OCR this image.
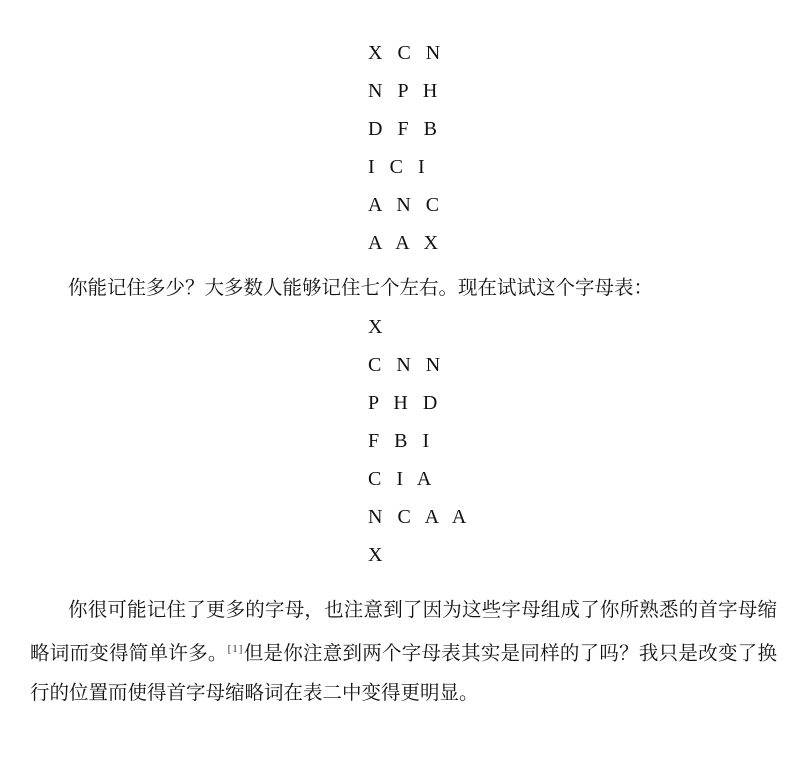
X C N
N P H
D F B
I C I
A N C
A A X

你能记住多少？大多数人能够记住七个左右。现在试试这个字母表：

X
C N N
P H D
F B I
C I A
N C A A
X

你很可能记住了更多的字母，也注意到了因为这些字母组成了你所熟悉的首字母缩略词而变得简单许多。[1]但是你注意到两个字母表其实是同样的了吗？我只是改变了换行的位置而使得首字母缩略词在表二中变得更明显。
